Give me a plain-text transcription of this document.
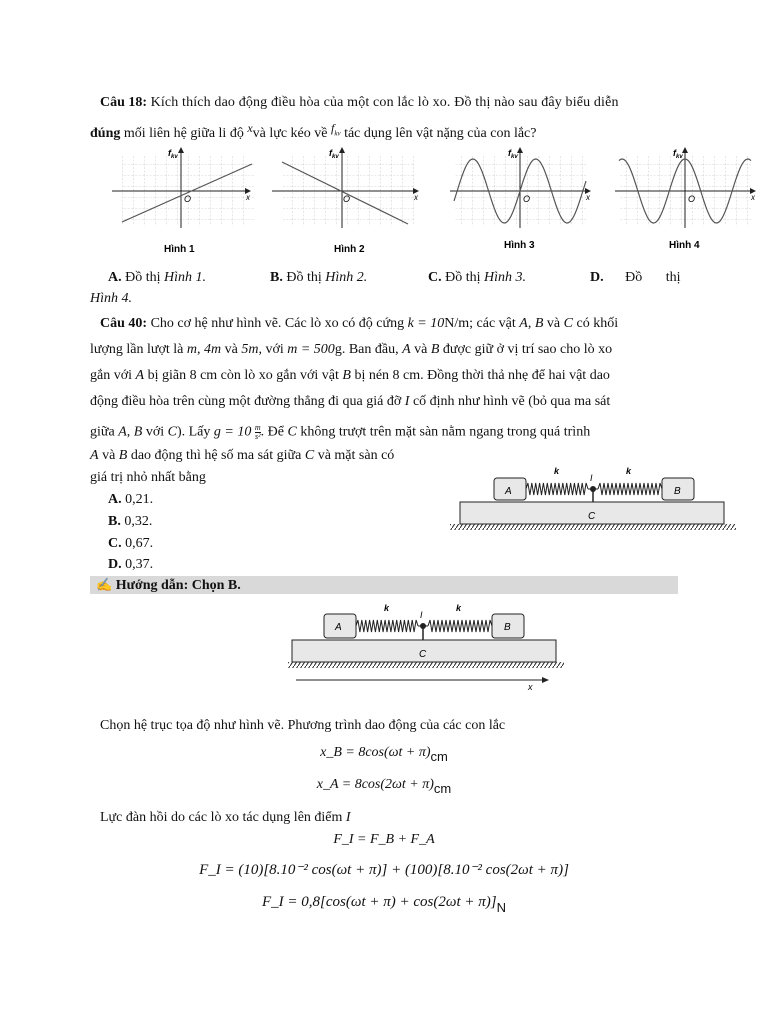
Câu 18: Kích thích dao động điều hòa của một con lắc lò xo. Đồ thị nào sau đây biểu diễn
đúng mối liên hệ giữa li độ xvà lực kéo về $f_{kv}$ tác dụng lên vật nặng của con lắc?
$f_{kv}$
x
O
Hình 1
$f_{kv}$
x
O
Hình 2
$f_{kv}$
x
O
Hình 3
$f_{kv}$
x
O
Hình 4
A. Đồ thị Hình 1.	B. Đồ thị Hình 2.	C. Đồ thị Hình 3.	D. Đồ thị
Hình 4.
Câu 40: Cho cơ hệ như hình vẽ. Các lò xo có độ cứng k = 10N/m; các vật A, B và C có khối
lượng lần lượt là m, 4m và 5m, với m = 500g. Ban đầu, A và B được giữ ở vị trí sao cho lò xo
gắn với A bị giãn 8 cm còn lò xo gắn với vật B bị nén 8 cm. Đồng thời thả nhẹ để hai vật dao
động điều hòa trên cùng một đường thẳng đi qua giá đỡ I cố định như hình vẽ (bỏ qua ma sát
giữa A, B với C). Lấy $g = 10 \frac{m}{\text{s²}}$. Để C không trượt trên mặt sàn nằm ngang trong quá trình
A và B dao động thì hệ số ma sát giữa C và mặt sàn có
giá trị nhỏ nhất bằng
A. 0,21.
B. 0,32.
C. 0,67.
D. 0,37.
A	B
C
k	k
I
✍ Hướng dẫn: Chọn B.
A	B
C
k	k
I
x
Chọn hệ trục tọa độ như hình vẽ. Phương trình dao động của các con lắc
x_B = 8cos(ωt + π)cm
x_A = 8cos(2ωt + π)cm
Lực đàn hồi do các lò xo tác dụng lên điểm I
F_I = F_B + F_A
F_I = (10)[8.10⁻² cos(ωt + π)] + (100)[8.10⁻² cos(2ωt + π)]
F_I = 0,8[cos(ωt + π) + cos(2ωt + π)]N
